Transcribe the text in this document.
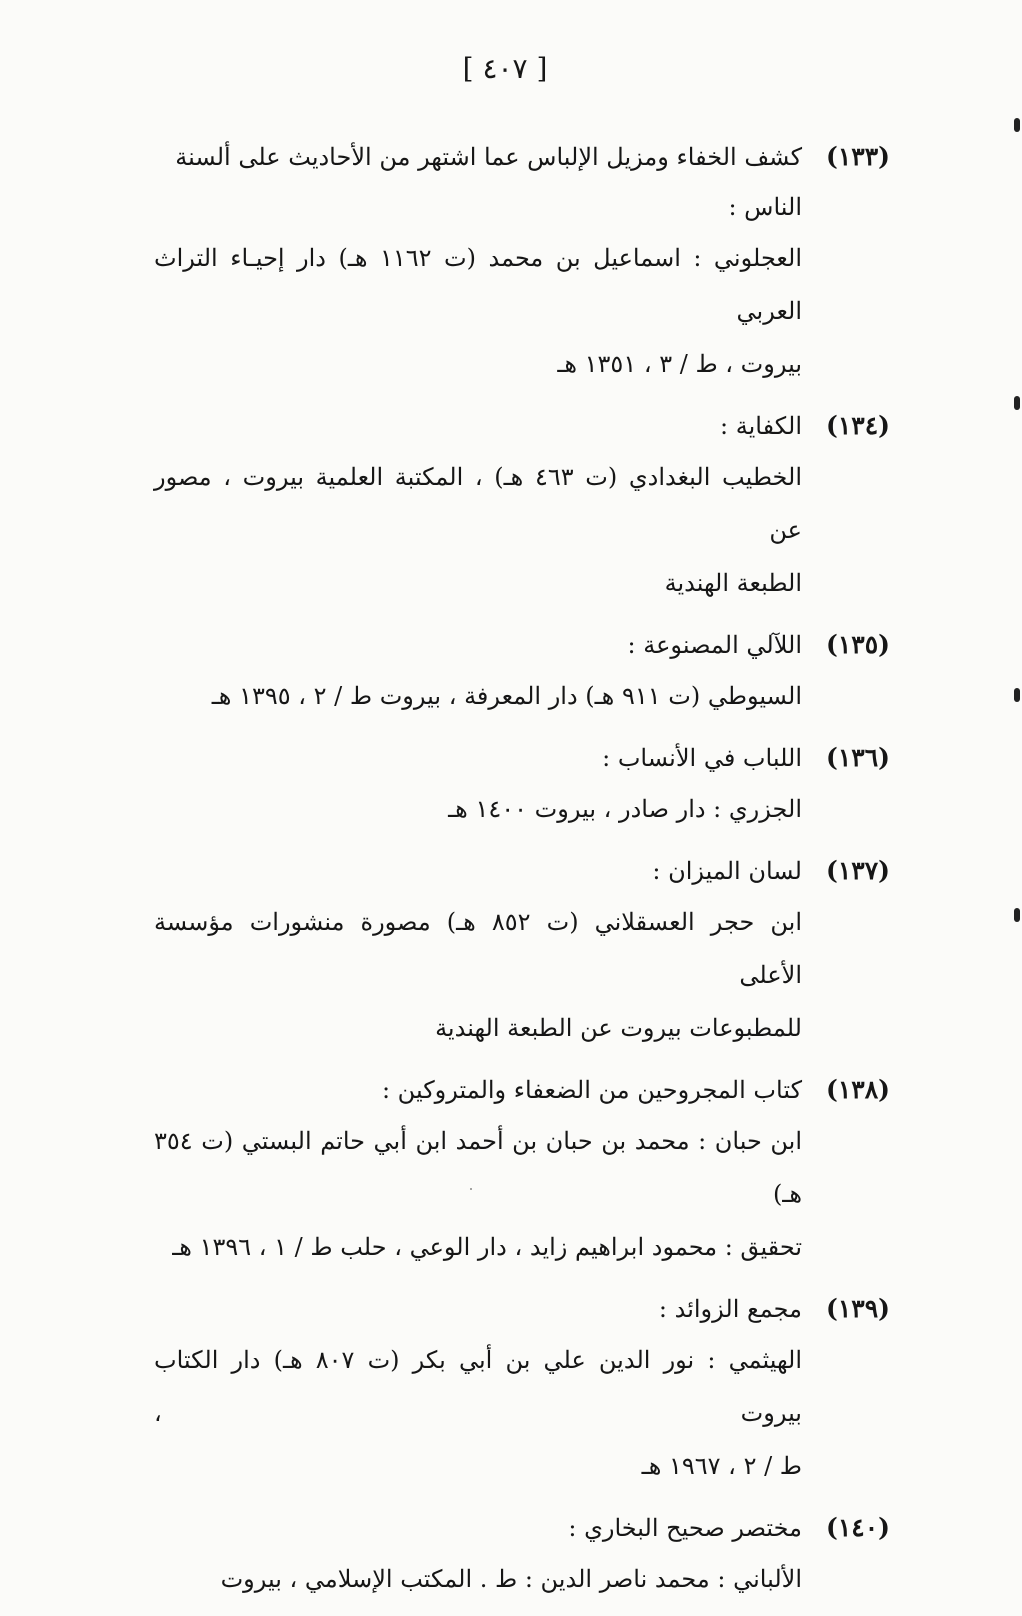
[ ٤٠٧ ]
(١٣٣)
كشف الخفاء ومزيل الإلباس عما اشتهر من الأحاديث على ألسنة الناس :
العجلوني : اسماعيل بن محمد (ت ١١٦٢ هـ) دار إحيـاء التراث العربي
بيروت ، ط / ٣ ، ١٣٥١ هـ
(١٣٤)
الكفاية :
الخطيب البغدادي (ت ٤٦٣ هـ) ، المكتبة العلمية بيروت ، مصور عن
الطبعة الهندية
(١٣٥)
اللآلي المصنوعة :
السيوطي (ت ٩١١ هـ) دار المعرفة ، بيروت ط / ٢ ، ١٣٩٥ هـ
(١٣٦)
اللباب في الأنساب :
الجزري : دار صادر ، بيروت ١٤٠٠ هـ
(١٣٧)
لسان الميزان :
ابن حجر العسقلاني (ت ٨٥٢ هـ) مصورة منشورات مؤسسة الأعلى
للمطبوعات بيروت عن الطبعة الهندية
(١٣٨)
كتاب المجروحين من الضعفاء والمتروكين :
ابن حبان : محمد بن حبان بن أحمد ابن أبي حاتم البستي (ت ٣٥٤ هـ)
تحقيق : محمود ابراهيم زايد ، دار الوعي ، حلب ط / ١ ، ١٣٩٦ هـ
(١٣٩)
مجمع الزوائد :
الهيثمي : نور الدين علي بن أبي بكر (ت ٨٠٧ هـ) دار الكتاب بيروت ،
ط / ٢ ، ١٩٦٧ هـ
(١٤٠)
مختصر صحيح البخاري :
الألباني : محمد ناصر الدين : ط . المكتب الإسلامي ، بيروت
